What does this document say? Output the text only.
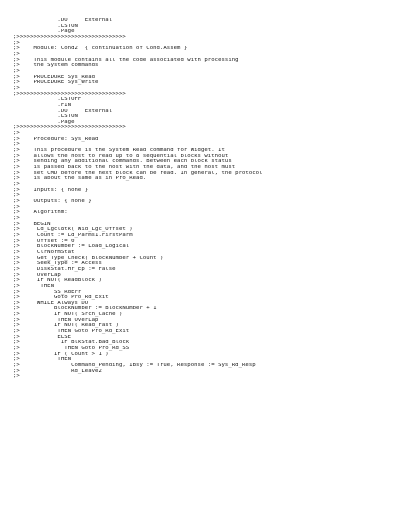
.DO     External
.LSTON
.Page
;>>>>>>>>>>>>>>>>>>>>>>>>>>>>>>>>
;>
;>    Module: Cond2  { continuation of Cond.Assem }
;>
;>    This module contains all the code associated with processing
;>    the System commands
;>
;>    PROCEDURE Sys_Read
;>    PROCEDURE Sys_Write
;>
;>>>>>>>>>>>>>>>>>>>>>>>>>>>>>>>>
.LSTOFF
.FIN
.DO     External
.LSTON
.Page
;>>>>>>>>>>>>>>>>>>>>>>>>>>>>>>>>
;>
;>    Procedure: Sys_Read
;>
;>    This procedure is the System Read command for Widget. It
;>    allows the host to read up to 8 sequential blocks without
;>    sending any additional commands. Between each block status
;>    is passed back to the host with the data, and the host must
;>    set CMD before the next block can be read. In general, the protocol
;>    is about the same as in Pro_Read.
;>
;>    Inputs: { none }
;>
;>    Outputs: { none }
;>
;>    Algorithm:
;>
;>    BEGIN
;>     Ld_Lgcl8tk( Wid_Lgc_Offset )
;>     Count := Ld_Parms1.FirstParm
;>     Offset := 0
;>     BlockNumber := Load_Logical
;>     ClrNormStat
;>     Get_Type_Check( BlockNumber + Count )
;>     Seek_Type := Access
;>     DiskStat.Hr_Ep := False
;>     OverLap
;>     IF NOT( ReadBlock )
;>      THEN
;>          SS_RdErr
;>          Goto Pro_Rd_Exit
;>     WHILE Always DO
;>          BlockNumber := BlockNumber + 1
;>          IF NOT( Srch_Cache )
;>           THEN OverLap
;>          IF NOT( Read_Fast )
;>           THEN Goto Pro_Rd_Exit
;>           ELSE
;>            IF BlkStat.Bad_Block
;>             THEN Goto Pro_Rd_SS
;>          IF ( Count > 1 )
;>           THEN
;>               Command_Pending, IBsy := True, Response := Sys_Rd_Resp
;>               Rd_Leave2
;>
